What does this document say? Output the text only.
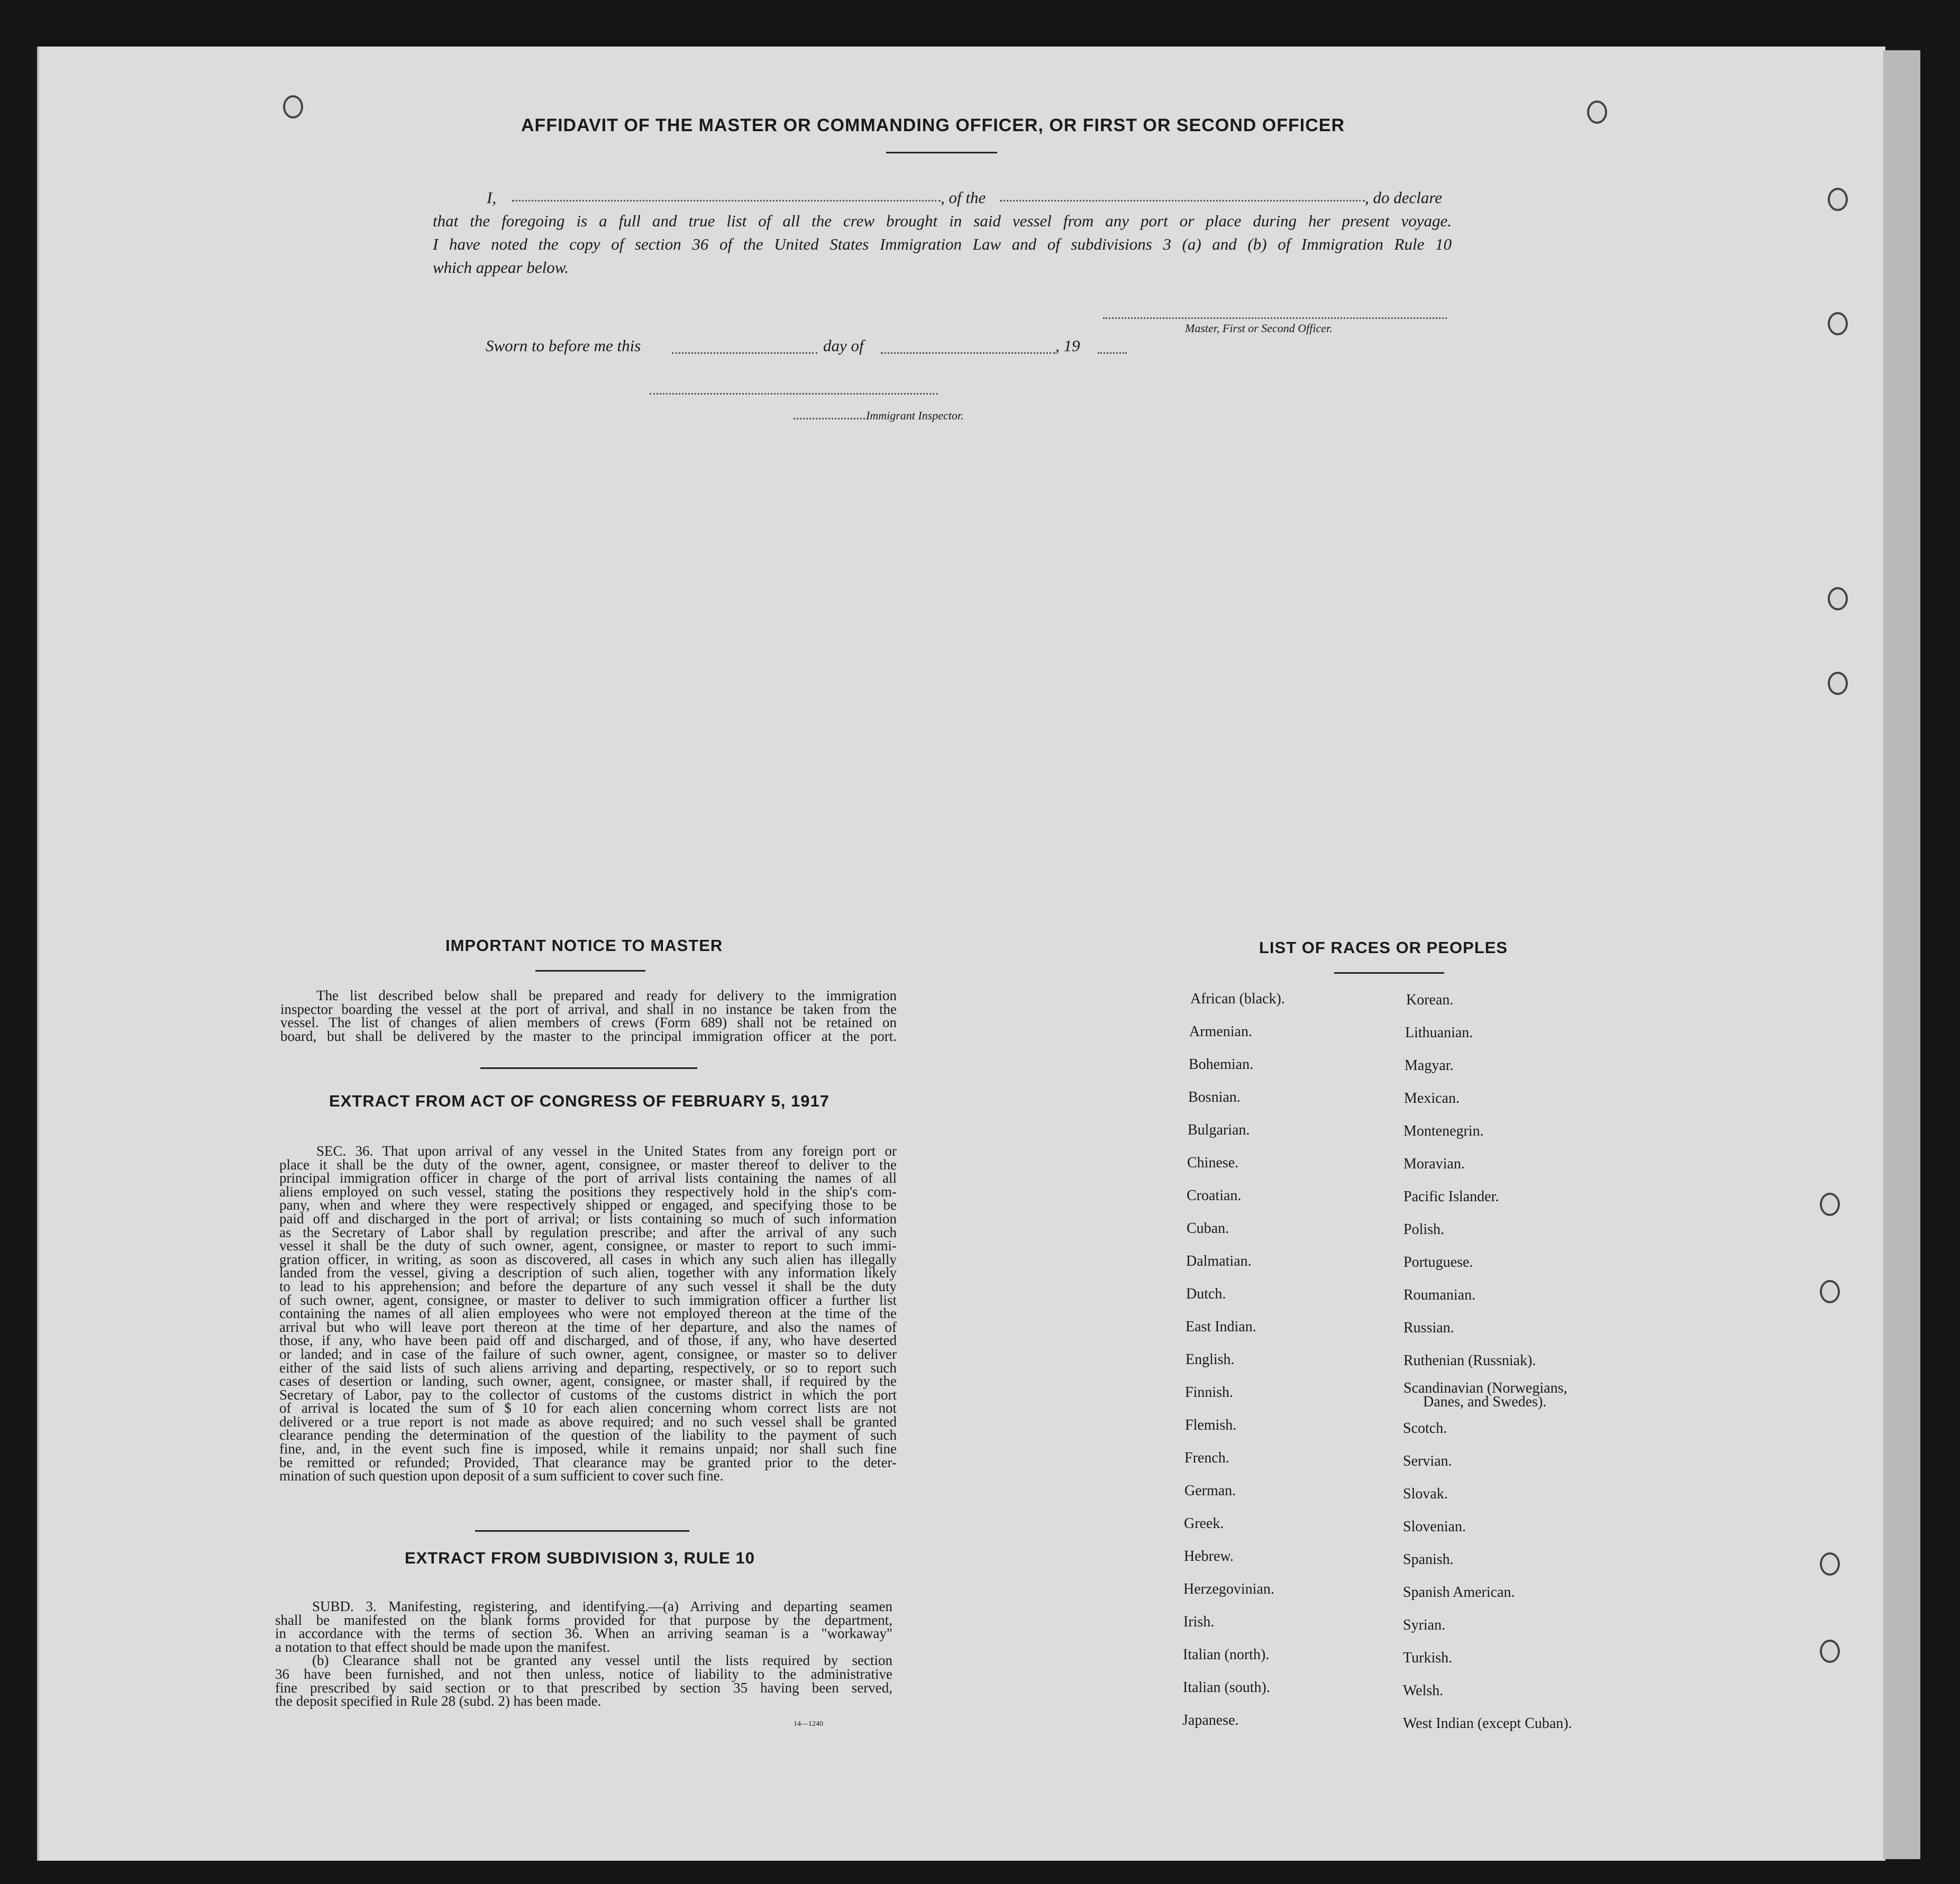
AFFIDAVIT OF THE MASTER OR COMMANDING OFFICER, OR FIRST OR SECOND OFFICER
I,	, of the	, do declare
that the foregoing is a full and true list of all the crew brought in said vessel from any port or place during her present voyage.
I have noted the copy of section 36 of the United States Immigration Law and of subdivisions 3 (a) and (b) of Immigration Rule 10
which appear below.
Master, First or Second Officer.
Sworn to before me this	day of	, 19
Immigrant Inspector.
IMPORTANT NOTICE TO MASTER
The list described below shall be prepared and ready for delivery to the immigration
inspector boarding the vessel at the port of arrival, and shall in no instance be taken from the
vessel. The list of changes of alien members of crews (Form 689) shall not be retained on
board, but shall be delivered by the master to the principal immigration officer at the port.
EXTRACT FROM ACT OF CONGRESS OF FEBRUARY 5, 1917
SEC. 36. That upon arrival of any vessel in the United States from any foreign port or
place it shall be the duty of the owner, agent, consignee, or master thereof to deliver to the
principal immigration officer in charge of the port of arrival lists containing the names of all
aliens employed on such vessel, stating the positions they respectively hold in the ship's com-
pany, when and where they were respectively shipped or engaged, and specifying those to be
paid off and discharged in the port of arrival; or lists containing so much of such information
as the Secretary of Labor shall by regulation prescribe; and after the arrival of any such
vessel it shall be the duty of such owner, agent, consignee, or master to report to such immi-
gration officer, in writing, as soon as discovered, all cases in which any such alien has illegally
landed from the vessel, giving a description of such alien, together with any information likely
to lead to his apprehension; and before the departure of any such vessel it shall be the duty
of such owner, agent, consignee, or master to deliver to such immigration officer a further list
containing the names of all alien employees who were not employed thereon at the time of the
arrival but who will leave port thereon at the time of her departure, and also the names of
those, if any, who have been paid off and discharged, and of those, if any, who have deserted
or landed; and in case of the failure of such owner, agent, consignee, or master so to deliver
either of the said lists of such aliens arriving and departing, respectively, or so to report such
cases of desertion or landing, such owner, agent, consignee, or master shall, if required by the
Secretary of Labor, pay to the collector of customs of the customs district in which the port
of arrival is located the sum of $ 10 for each alien concerning whom correct lists are not
delivered or a true report is not made as above required; and no such vessel shall be granted
clearance pending the determination of the question of the liability to the payment of such
fine, and, in the event such fine is imposed, while it remains unpaid; nor shall such fine
be remitted or refunded; Provided, That clearance may be granted prior to the deter-
mination of such question upon deposit of a sum sufficient to cover such fine.
EXTRACT FROM SUBDIVISION 3, RULE 10
SUBD. 3. Manifesting, registering, and identifying.—(a) Arriving and departing seamen
shall be manifested on the blank forms provided for that purpose by the department,
in accordance with the terms of section 36. When an arriving seaman is a "workaway"
a notation to that effect should be made upon the manifest.
(b) Clearance shall not be granted any vessel until the lists required by section
36 have been furnished, and not then unless, notice of liability to the administrative
fine prescribed by said section or to that prescribed by section 35 having been served,
the deposit specified in Rule 28 (subd. 2) has been made.
14—1240
LIST OF RACES OR PEOPLES
African (black).
Armenian.
Bohemian.
Bosnian.
Bulgarian.
Chinese.
Croatian.
Cuban.
Dalmatian.
Dutch.
East Indian.
English.
Finnish.
Flemish.
French.
German.
Greek.
Hebrew.
Herzegovinian.
Irish.
Italian (north).
Italian (south).
Japanese.
Korean.
Lithuanian.
Magyar.
Mexican.
Montenegrin.
Moravian.
Pacific Islander.
Polish.
Portuguese.
Roumanian.
Russian.
Ruthenian (Russniak).
Scandinavian (Norwegians,
Danes, and Swedes).
Scotch.
Servian.
Slovak.
Slovenian.
Spanish.
Spanish American.
Syrian.
Turkish.
Welsh.
West Indian (except Cuban).
